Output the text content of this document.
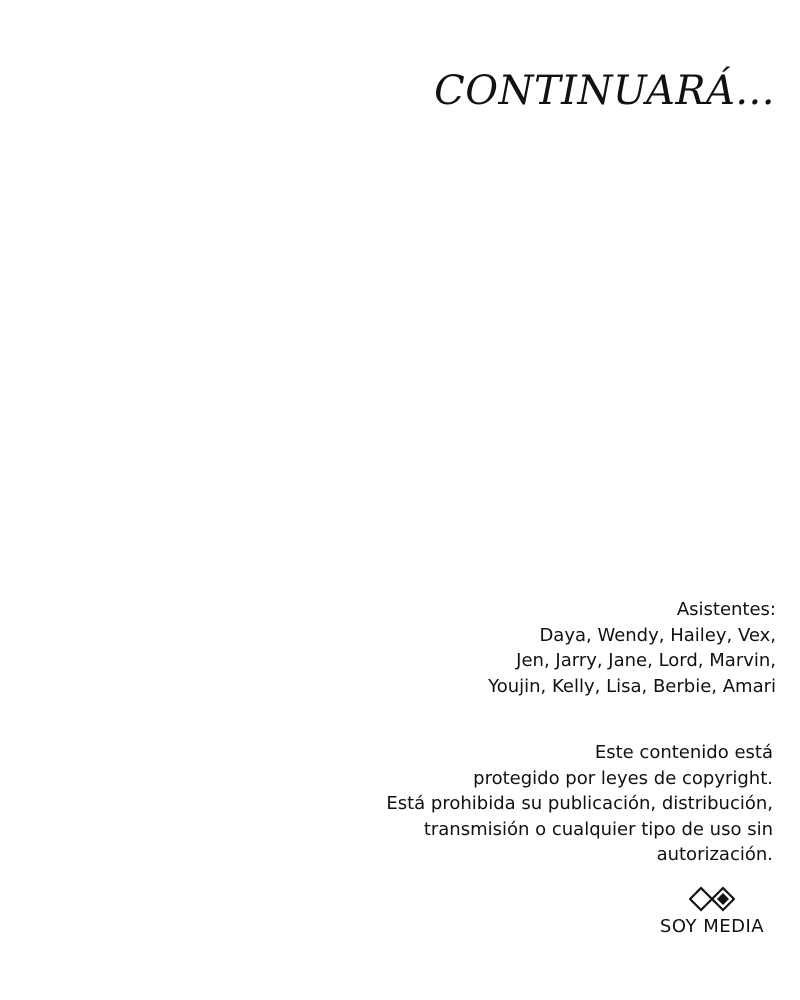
CONTINUARÁ...
Asistentes:
Daya, Wendy, Hailey, Vex,
Jen, Jarry, Jane, Lord, Marvin,
Youjin, Kelly, Lisa, Berbie, Amari
Este contenido está
protegido por leyes de copyright.
Está prohibida su publicación, distribución,
transmisión o cualquier tipo de uso sin
autorización.
SOY MEDIA
